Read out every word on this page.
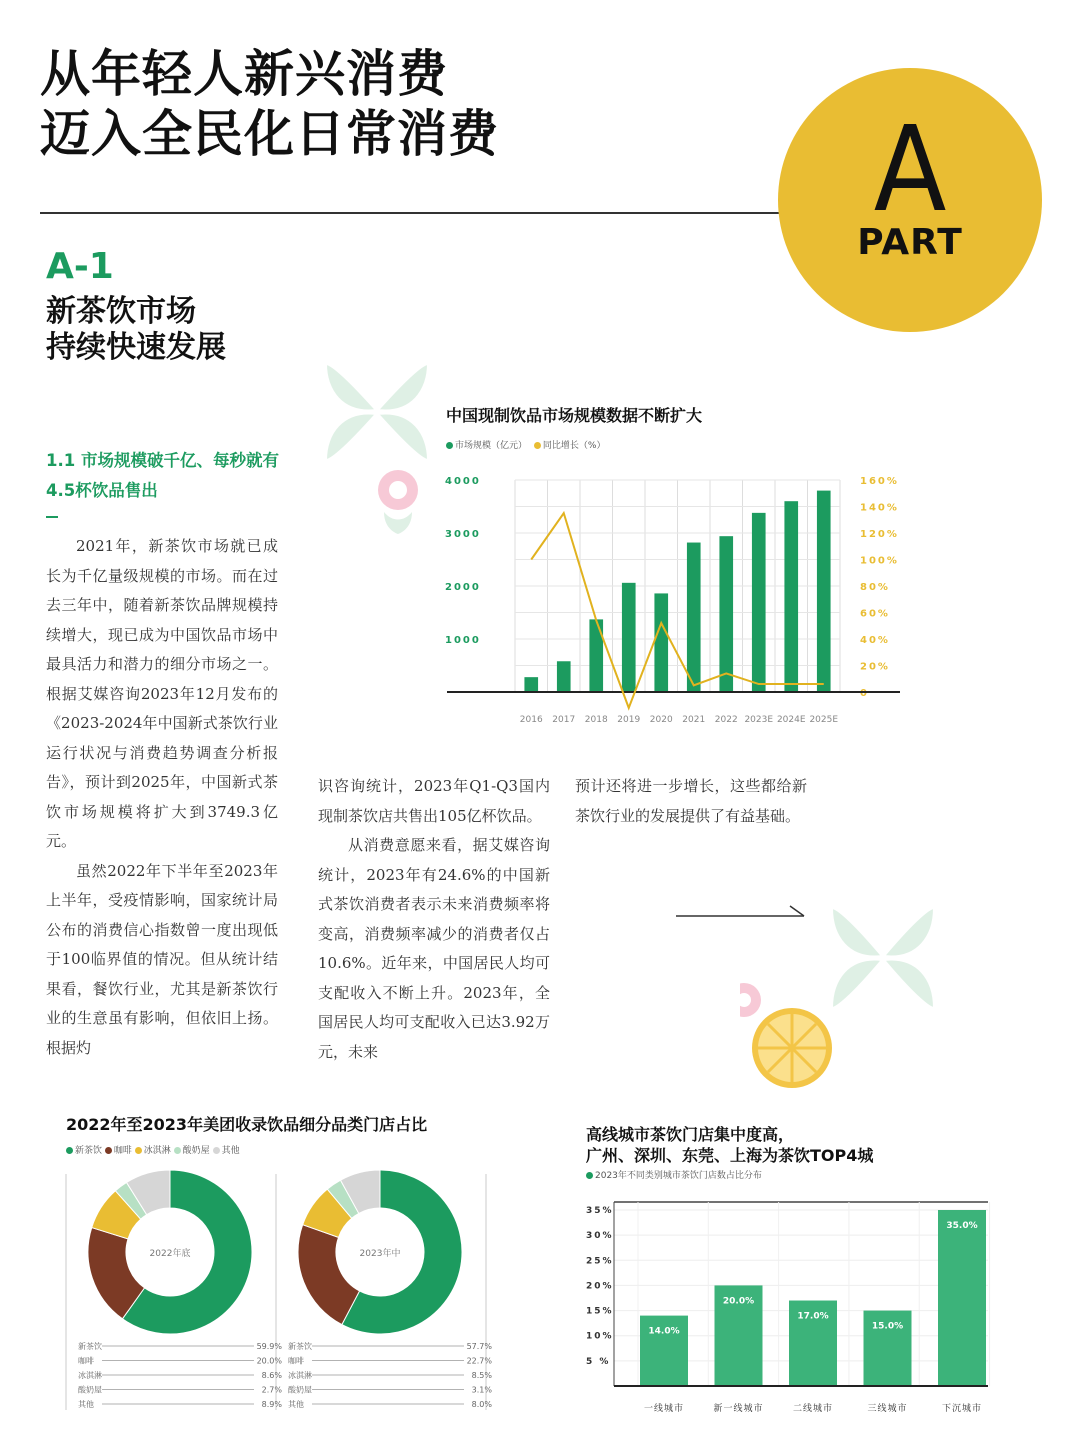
从年轻人新兴消费
迈入全民化日常消费	A
PART
A-1
新茶饮市场
持续快速发展
1.1 市场规模破千亿、每秒就有4.5杯饮品售出
中国现制饮品市场规模数据不断扩大
市场规模（亿元） 同比增长（%）
1000
2000
3000
4000
0
20%
40%
60%
80%
100%
120%
140%
160%
2016 2017 2018 2019 2020 2021 2022 2023E 2024E 2025E

2021年，新茶饮市场就已成长为千亿量级规模的市场。而在过去三年中，随着新茶饮品牌规模持续增大，现已成为中国饮品市场中最具活力和潜力的细分市场之一。根据艾媒咨询2023年12月发布的《2023-2024年中国新式茶饮行业运行状况与消费趋势调查分析报告》，预计到2025年，中国新式茶饮市场规模将扩大到3749.3亿元。

虽然2022年下半年至2023年上半年，受疫情影响，国家统计局公布的消费信心指数曾一度出现低于100临界值的情况。但从统计结果看，餐饮行业，尤其是新茶饮行业的生意虽有影响，但依旧上扬。根据灼

识咨询统计，2023年Q1-Q3国内现制茶饮店共售出105亿杯饮品。

从消费意愿来看，据艾媒咨询统计，2023年有24.6%的中国新式茶饮消费者表示未来消费频率将变高，消费频率减少的消费者仅占10.6%。近年来，中国居民人均可支配收入不断上升。2023年，全国居民人均可支配收入已达3.92万元，未来

预计还将进一步增长，这些都给新茶饮行业的发展提供了有益基础。

2022年至2023年美团收录饮品细分品类门店占比
新茶饮 咖啡 冰淇淋 酸奶屋 其他
2022年底
新茶饮	59.9%
咖啡	20.0%
冰淇淋	8.6%
酸奶屋	2.7%
其他	8.9%
2023年中
新茶饮	57.7%
咖啡	22.7%
冰淇淋	8.5%
酸奶屋	3.1%
其他	8.0%
高线城市茶饮门店集中度高，
广州、深圳、东莞、上海为茶饮TOP4城
2023年不同类别城市茶饮门店数占比分布
5 %
10%
15%
20%
25%
30%
35%
14.0%
一线城市
20.0%
新一线城市
17.0%
二线城市
15.0%
三线城市
35.0%
下沉城市
